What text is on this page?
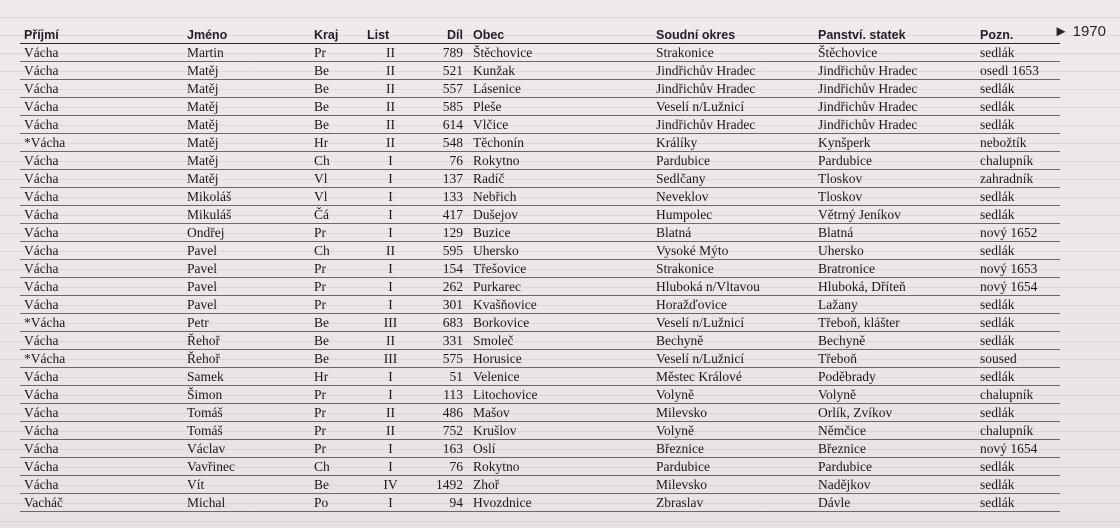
► 1970
Příjmí	Jméno	Kraj	List	Díl	Obec	Soudní okres	Panství. statek	Pozn.
Vácha	Martin	Pr	II	789	Štěchovice	Strakonice	Štěchovice	sedlák
Vácha	Matěj	Be	II	521	Kunžak	Jindřichův Hradec	Jindřichův Hradec	osedl 1653
Vácha	Matěj	Be	II	557	Lásenice	Jindřichův Hradec	Jindřichův Hradec	sedlák
Vácha	Matěj	Be	II	585	Pleše	Veselí n/Lužnicí	Jindřichův Hradec	sedlák
Vácha	Matěj	Be	II	614	Vlčice	Jindřichův Hradec	Jindřichův Hradec	sedlák
*Vácha	Matěj	Hr	II	548	Těchonín	Králíky	Kynšperk	nebožtík
Vácha	Matěj	Ch	I	76	Rokytno	Pardubice	Pardubice	chalupník
Vácha	Matěj	Vl	I	137	Radíč	Sedlčany	Tloskov	zahradník
Vácha	Mikoláš	Vl	I	133	Nebřich	Neveklov	Tloskov	sedlák
Vácha	Mikuláš	Čá	I	417	Dušejov	Humpolec	Větrný Jeníkov	sedlák
Vácha	Ondřej	Pr	I	129	Buzice	Blatná	Blatná	nový 1652
Vácha	Pavel	Ch	II	595	Uhersko	Vysoké Mýto	Uhersko	sedlák
Vácha	Pavel	Pr	I	154	Třešovice	Strakonice	Bratronice	nový 1653
Vácha	Pavel	Pr	I	262	Purkarec	Hluboká n/Vltavou	Hluboká, Dříteň	nový 1654
Vácha	Pavel	Pr	I	301	Kvašňovice	Horažďovice	Lažany	sedlák
*Vácha	Petr	Be	III	683	Borkovice	Veselí n/Lužnicí	Třeboň, klášter	sedlák
Vácha	Řehoř	Be	II	331	Smoleč	Bechyně	Bechyně	sedlák
*Vácha	Řehoř	Be	III	575	Horusice	Veselí n/Lužnicí	Třeboň	soused
Vácha	Samek	Hr	I	51	Velenice	Městec Králové	Poděbrady	sedlák
Vácha	Šimon	Pr	I	113	Litochovice	Volyně	Volyně	chalupník
Vácha	Tomáš	Pr	II	486	Mašov	Milevsko	Orlík, Zvíkov	sedlák
Vácha	Tomáš	Pr	II	752	Krušlov	Volyně	Němčice	chalupník
Vácha	Václav	Pr	I	163	Oslí	Březnice	Březnice	nový 1654
Vácha	Vavřinec	Ch	I	76	Rokytno	Pardubice	Pardubice	sedlák
Vácha	Vít	Be	IV	1492	Zhoř	Milevsko	Nadějkov	sedlák
Vacháč	Michal	Po	I	94	Hvozdnice	Zbraslav	Dávle	sedlák
